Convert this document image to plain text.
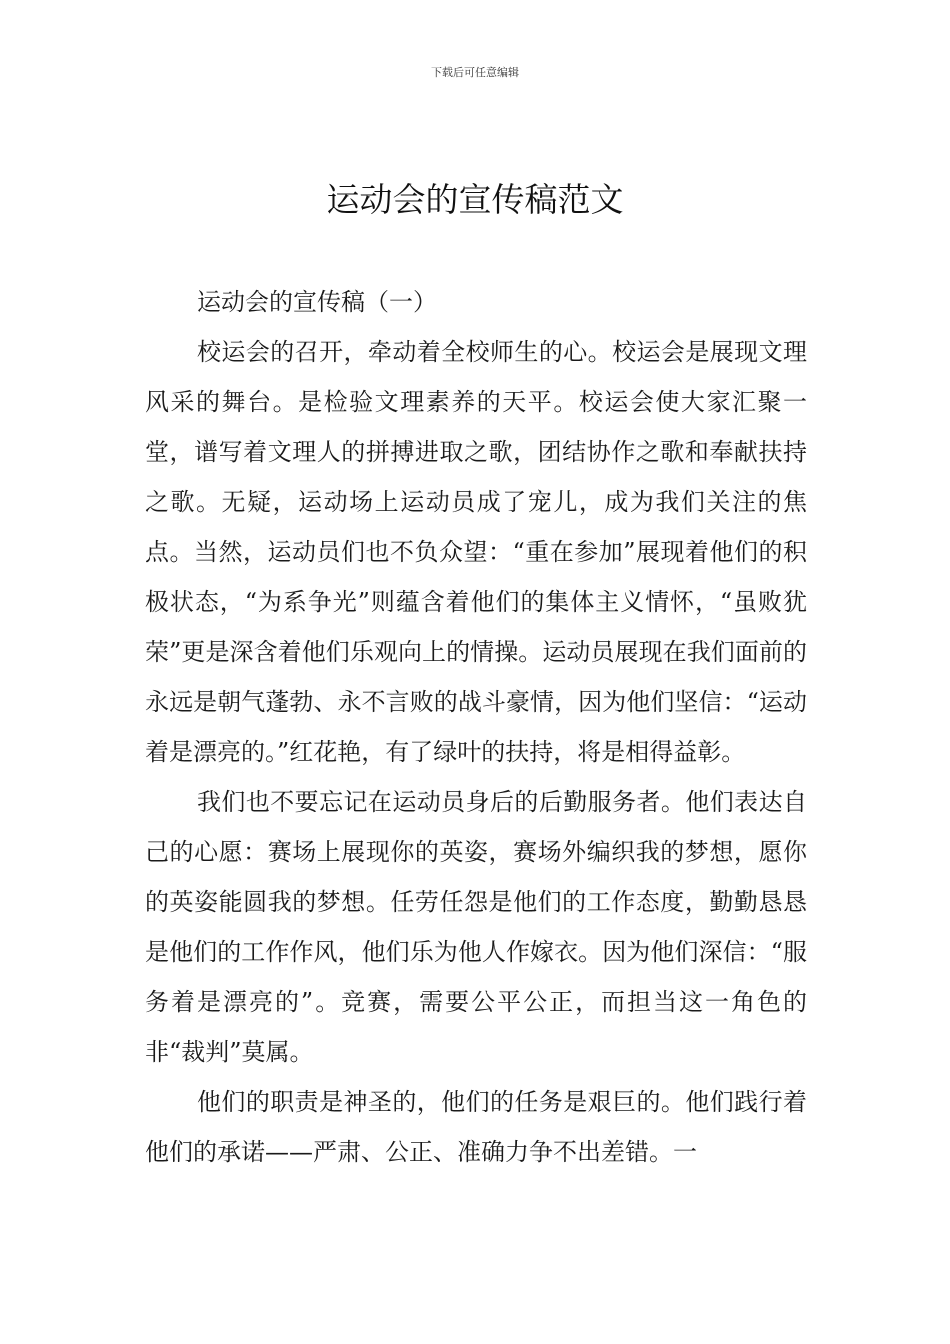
下载后可任意编辑
运动会的宣传稿范文

运动会的宣传稿（一）

校运会的召开，牵动着全校师生的心。校运会是展现文理风采的舞台。是检验文理素养的天平。校运会使大家汇聚一堂，谱写着文理人的拼搏进取之歌，团结协作之歌和奉献扶持之歌。无疑，运动场上运动员成了宠儿，成为我们关注的焦点。当然，运动员们也不负众望：“重在参加”展现着他们的积极状态，“为系争光”则蕴含着他们的集体主义情怀，“虽败犹荣”更是深含着他们乐观向上的情操。运动员展现在我们面前的永远是朝气蓬勃、永不言败的战斗豪情，因为他们坚信：“运动着是漂亮的。”红花艳，有了绿叶的扶持，将是相得益彰。

我们也不要忘记在运动员身后的后勤服务者。他们表达自己的心愿：赛场上展现你的英姿，赛场外编织我的梦想，愿你的英姿能圆我的梦想。任劳任怨是他们的工作态度，勤勤恳恳是他们的工作作风，他们乐为他人作嫁衣。因为他们深信：“服务着是漂亮的”。竞赛，需要公平公正，而担当这一角色的非“裁判”莫属。

他们的职责是神圣的，他们的任务是艰巨的。他们践行着他们的承诺——严肃、公正、准确力争不出差错。一
